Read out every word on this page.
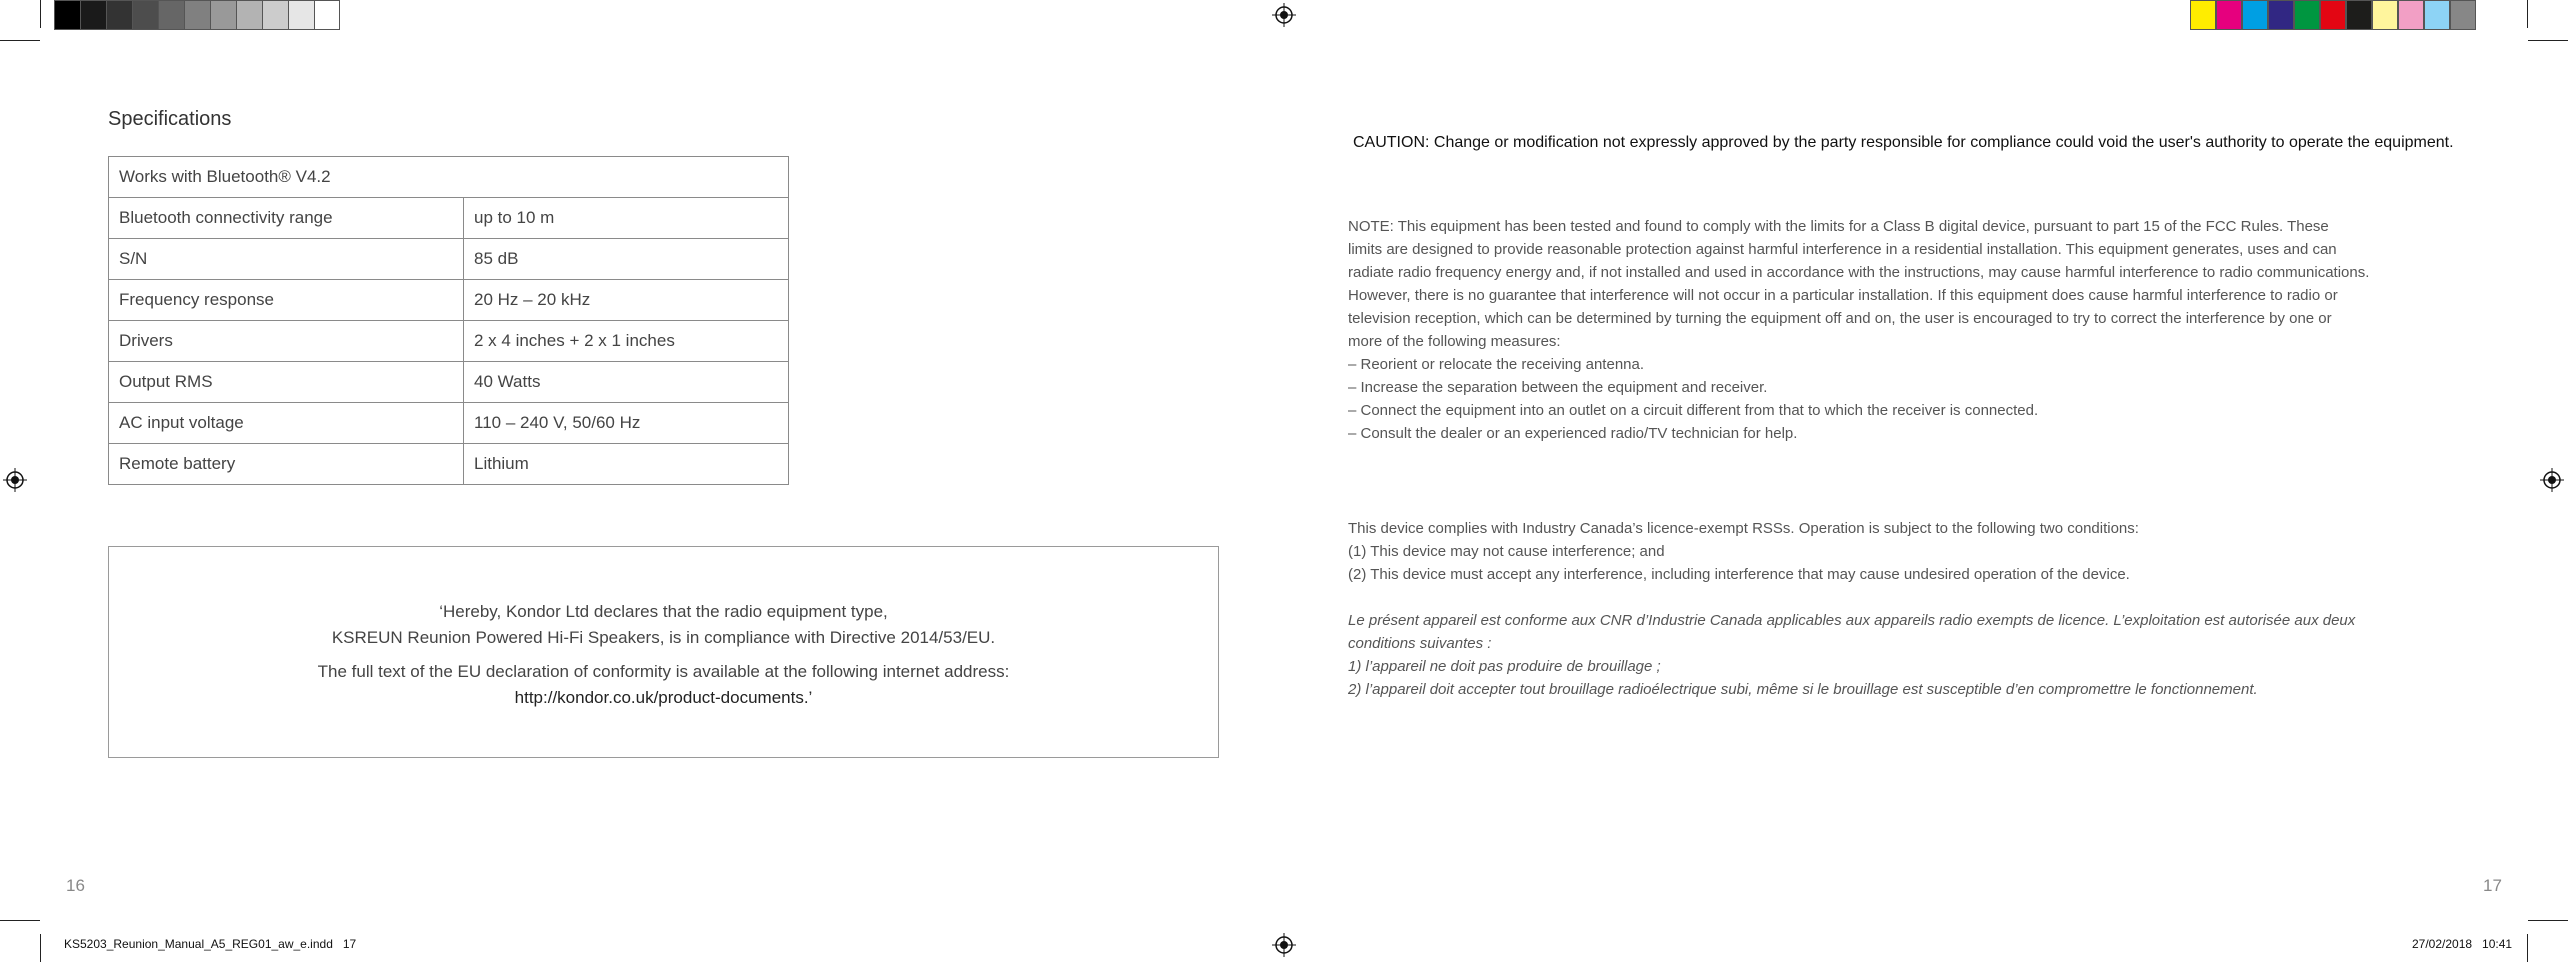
Specifications
Works with Bluetooth® V4.2	
Bluetooth connectivity range	up to 10 m
S/N	85 dB
Frequency response	20 Hz – 20 kHz
Drivers	2 x 4 inches + 2 x 1 inches
Output RMS	40 Watts
AC input voltage	110 – 240 V, 50/60 Hz
Remote battery	Lithium

‘Hereby, Kondor Ltd declares that the radio equipment type,

KSREUN Reunion Powered Hi-Fi Speakers, is in compliance with Directive 2014/53/EU.

The full text of the EU declaration of conformity is available at the following internet address:

http://kondor.co.uk/product-documents.’

16
CAUTION: Change or modification not expressly approved by the party responsible for compliance could void the user's authority to operate the equipment.

NOTE: This equipment has been tested and found to comply with the limits for a Class B digital device, pursuant to part 15 of the FCC Rules. These

limits are designed to provide reasonable protection against harmful interference in a residential installation. This equipment generates, uses and can

radiate radio frequency energy and, if not installed and used in accordance with the instructions, may cause harmful interference to radio communications.

However, there is no guarantee that interference will not occur in a particular installation. If this equipment does cause harmful interference to radio or

television reception, which can be determined by turning the equipment off and on, the user is encouraged to try to correct the interference by one or

more of the following measures:

– Reorient or relocate the receiving antenna.

– Increase the separation between the equipment and receiver.

– Connect the equipment into an outlet on a circuit different from that to which the receiver is connected.

– Consult the dealer or an experienced radio/TV technician for help.

This device complies with Industry Canada’s licence-exempt RSSs. Operation is subject to the following two conditions:

(1) This device may not cause interference; and

(2) This device must accept any interference, including interference that may cause undesired operation of the device.

Le présent appareil est conforme aux CNR d’Industrie Canada applicables aux appareils radio exempts de licence. L’exploitation est autorisée aux deux

conditions suivantes :

1) l’appareil ne doit pas produire de brouillage ;

2) l’appareil doit accepter tout brouillage radioélectrique subi, même si le brouillage est susceptible d’en compromettre le fonctionnement.

17
KS5203_Reunion_Manual_A5_REG01_aw_e.indd   17	27/02/2018   10:41
